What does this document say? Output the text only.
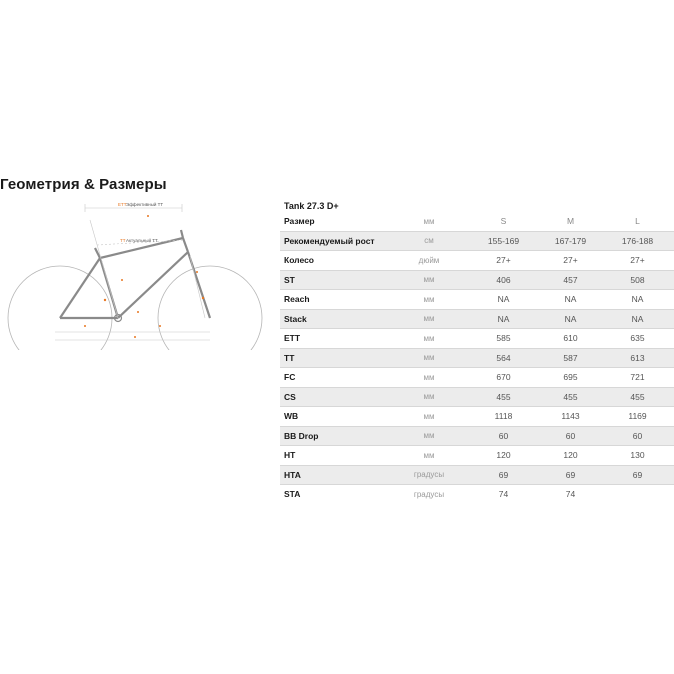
Геометрия & Размеры
ETT Эффективный TT
TT Актуальный TT
Tank 27.3 D+
Размер	мм	S	M	L
Рекомендуемый рост	см	155-169	167-179	176-188
Колесо	дюйм	27+	27+	27+
ST	мм	406	457	508
Reach	мм	NA	NA	NA
Stack	мм	NA	NA	NA
ETT	мм	585	610	635
TT	мм	564	587	613
FC	мм	670	695	721
CS	мм	455	455	455
WB	мм	1118	1143	1169
BB Drop	мм	60	60	60
HT	мм	120	120	130
HTA	градусы	69	69	69
STA	градусы	74	74
